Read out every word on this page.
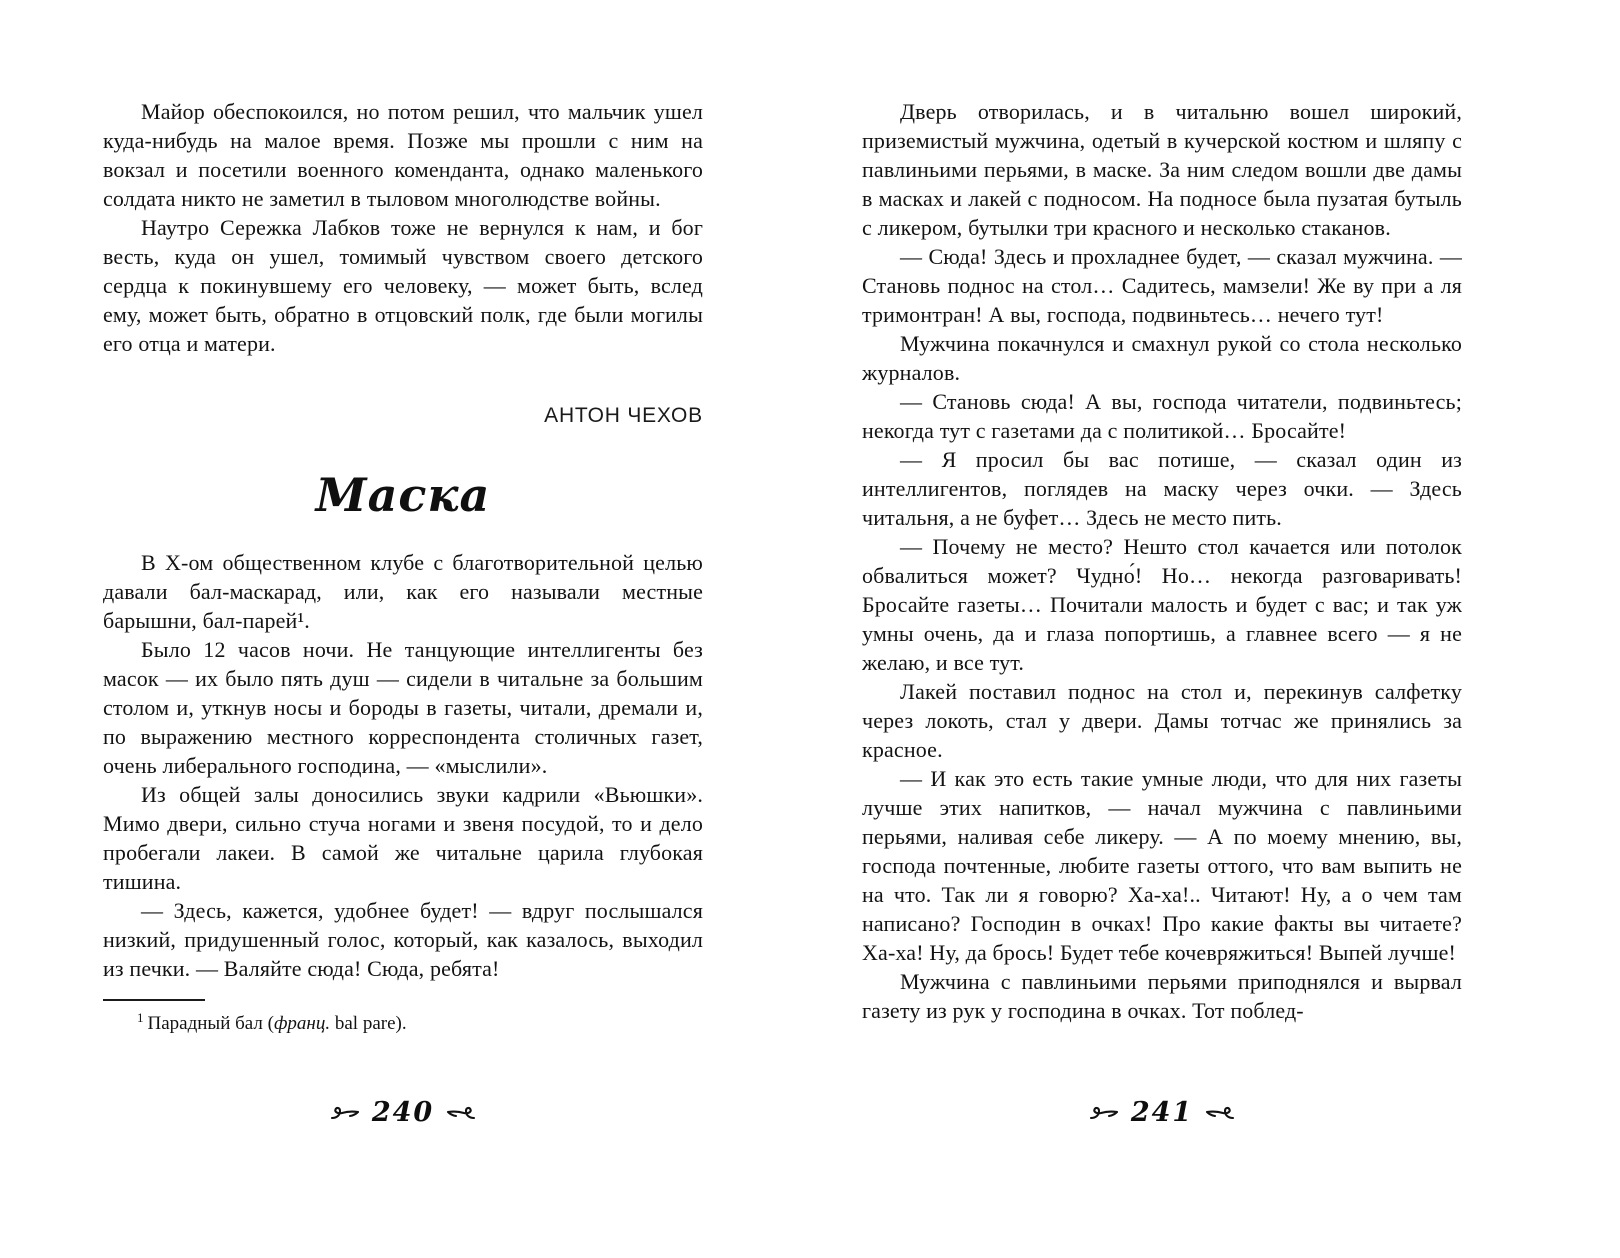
Майор обеспокоился, но потом решил, что мальчик ушел куда-нибудь на малое время. Позже мы прошли с ним на вокзал и посетили военного коменданта, однако маленького солдата никто не заметил в тыловом многолюдстве войны.

Наутро Сережка Лабков тоже не вернулся к нам, и бог весть, куда он ушел, томимый чувством своего детского сердца к покинувшему его человеку, — может быть, вслед ему, может быть, обратно в отцовский полк, где были могилы его отца и матери.

АНТОН ЧЕХОВ
Маска

В Х-ом общественном клубе с благотворительной целью давали бал-маскарад, или, как его называли местные барышни, бал-парей¹.

Было 12 часов ночи. Не танцующие интеллигенты без масок — их было пять душ — сидели в читальне за большим столом и, уткнув носы и бороды в газеты, читали, дремали и, по выражению местного корреспондента столичных газет, очень либерального господина, — «мыслили».

Из общей залы доносились звуки кадрили «Вьюшки». Мимо двери, сильно стуча ногами и звеня посудой, то и дело пробегали лакеи. В самой же читальне царила глубокая тишина.

— Здесь, кажется, удобнее будет! — вдруг послышался низкий, придушенный голос, который, как казалось, выходил из печки. — Валяйте сюда! Сюда, ребята!

$^1$ Парадный бал (франц. bal pare).

240

Дверь отворилась, и в читальню вошел широкий, приземистый мужчина, одетый в кучерской костюм и шляпу с павлиньими перьями, в маске. За ним следом вошли две дамы в масках и лакей с подносом. На подносе была пузатая бутыль с ликером, бутылки три красного и несколько стаканов.

— Сюда! Здесь и прохладнее будет, — сказал мужчина. — Становь поднос на стол… Садитесь, мамзели! Же ву при а ля тримонтран! А вы, господа, подвиньтесь… нечего тут!

Мужчина покачнулся и смахнул рукой со стола несколько журналов.

— Становь сюда! А вы, господа читатели, подвиньтесь; некогда тут с газетами да с политикой… Бросайте!

— Я просил бы вас потише, — сказал один из интеллигентов, поглядев на маску через очки. — Здесь читальня, а не буфет… Здесь не место пить.

— Почему не место? Нешто стол качается или потолок обвалиться может? Чудно́! Но… некогда разговаривать! Бросайте газеты… Почитали малость и будет с вас; и так уж умны очень, да и глаза попортишь, а главнее всего — я не желаю, и все тут.

Лакей поставил поднос на стол и, перекинув салфетку через локоть, стал у двери. Дамы тотчас же принялись за красное.

— И как это есть такие умные люди, что для них газеты лучше этих напитков, — начал мужчина с павлиньими перьями, наливая себе ликеру. — А по моему мнению, вы, господа почтенные, любите газеты оттого, что вам выпить не на что. Так ли я говорю? Ха-ха!.. Читают! Ну, а о чем там написано? Господин в очках! Про какие факты вы читаете? Ха-ха! Ну, да брось! Будет тебе кочевряжиться! Выпей лучше!

Мужчина с павлиньими перьями приподнялся и вырвал газету из рук у господина в очках. Тот поблед-

241
